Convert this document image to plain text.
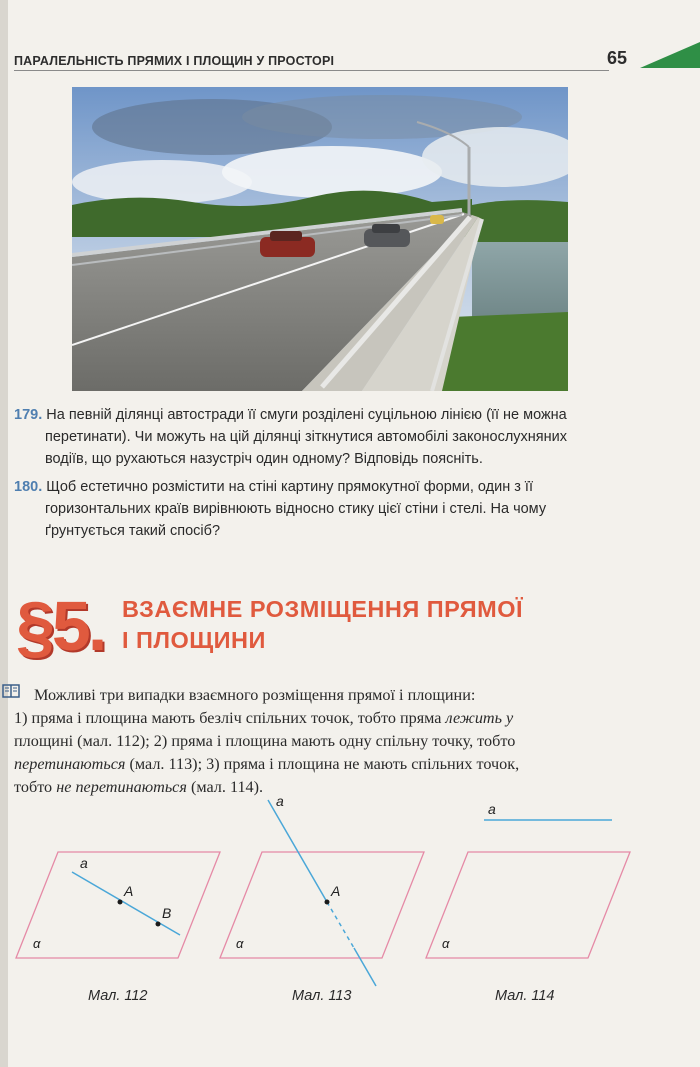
ПАРАЛЕЛЬНІСТЬ ПРЯМИХ І ПЛОЩИН У ПРОСТОРІ	65
179. На певній ділянці автостради її смуги розділені суцільною лінією (її не можна
перетинати). Чи можуть на цій ділянці зіткнутися автомобілі законослухняних
водіїв, що рухаються назустріч один одному? Відповідь поясніть.
180. Щоб естетично розмістити на стіні картину прямокутної форми, один з її
горизонтальних країв вирівнюють відносно стику цієї стіни і стелі. На чому
ґрунтується такий спосіб?
§5. ВЗАЄМНЕ РОЗМІЩЕННЯ ПРЯМОЇ
І ПЛОЩИНИ
Можливі три випадки взаємного розміщення прямої і площини:
1) пряма і площина мають безліч спільних точок, тобто пряма лежить у
площині (мал. 112); 2) пряма і площина мають одну спільну точку, тобто
перетинаються (мал. 113); 3) пряма і площина не мають спільних точок,
тобто не перетинаються (мал. 114).
a
A
B
α
a
A
α
a
α
Мал. 112	Мал. 113	Мал. 114
